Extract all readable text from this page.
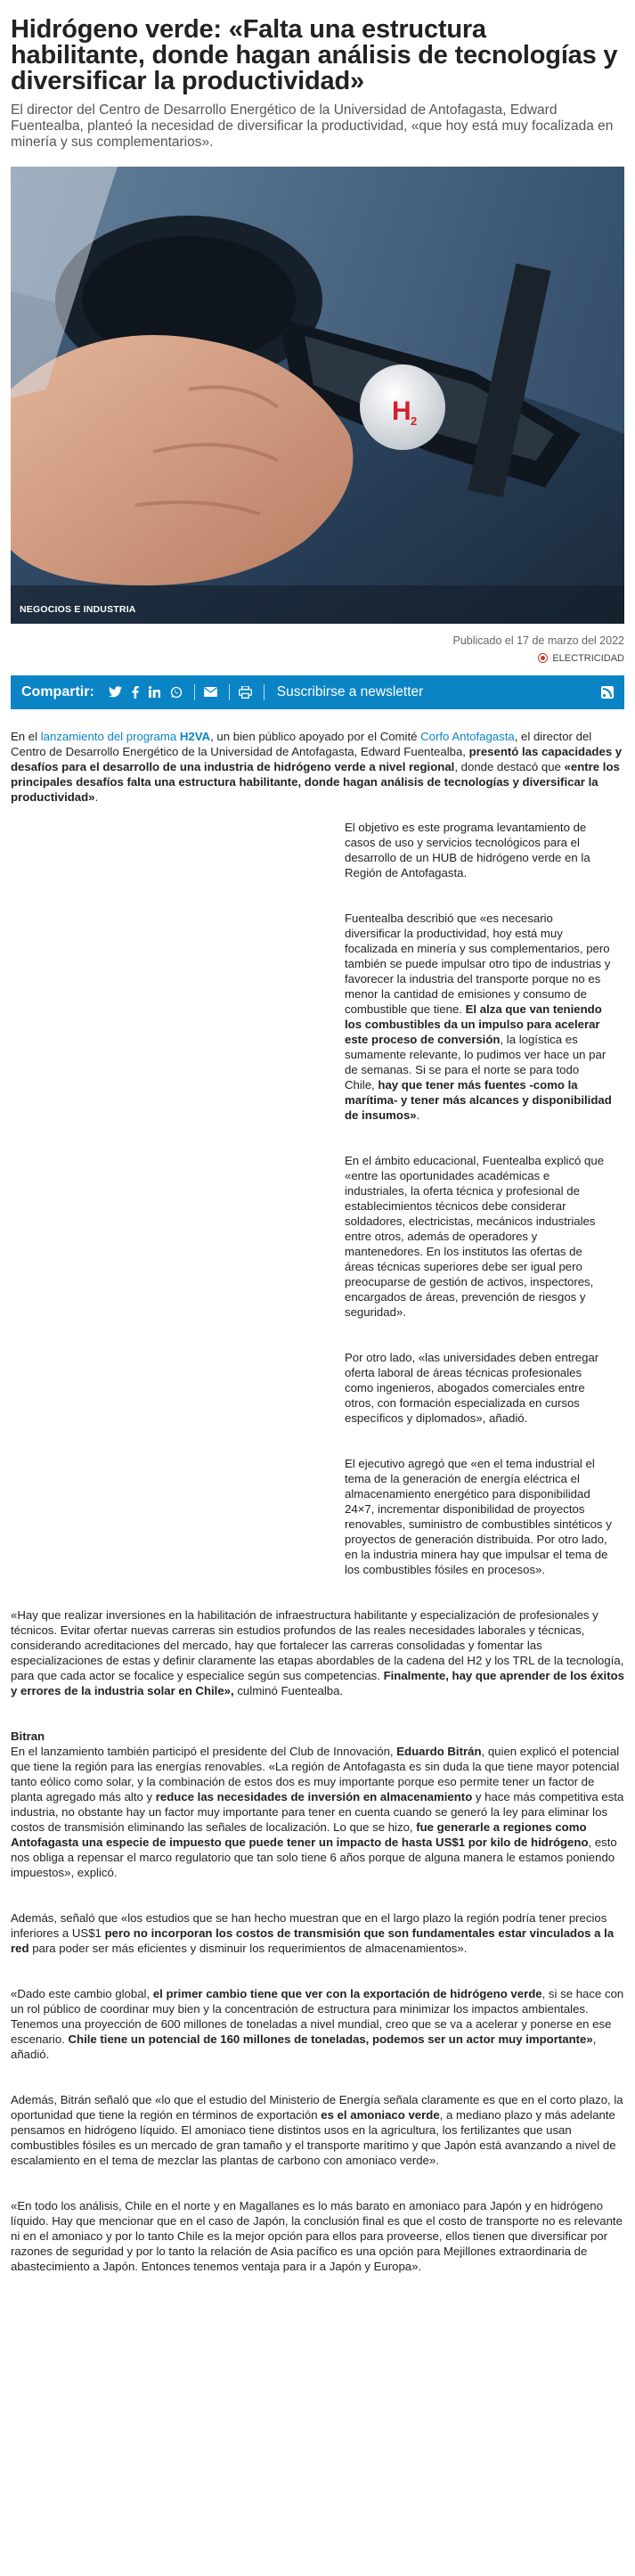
Hidrógeno verde: «Falta una estructura habilitante, donde hagan análisis de tecnologías y diversificar la productividad»

El director del Centro de Desarrollo Energético de la Universidad de Antofagasta, Edward Fuentealba, planteó la necesidad de diversificar la productividad, «que hoy está muy focalizada en minería y sus complementarios».

H 2
NEGOCIOS E INDUSTRIA
Publicado el 17 de marzo del 2022
ELECTRICIDAD
Compartir:	Suscribirse a newsletter

En el lanzamiento del programa H2VA, un bien público apoyado por el Comité Corfo Antofagasta, el director del Centro de Desarrollo Energético de la Universidad de Antofagasta, Edward Fuentealba, presentó las capacidades y desafíos para el desarrollo de una industria de hidrógeno verde a nivel regional, donde destacó que «entre los principales desafíos falta una estructura habilitante, donde hagan análisis de tecnologías y diversificar la productividad».

El objetivo es este programa levantamiento de casos de uso y servicios tecnológicos para el desarrollo de un HUB de hidrógeno verde en la Región de Antofagasta.

Fuentealba describió que «es necesario diversificar la productividad, hoy está muy focalizada en minería y sus complementarios, pero también se puede impulsar otro tipo de industrias y favorecer la industria del transporte porque no es menor la cantidad de emisiones y consumo de combustible que tiene. El alza que van teniendo los combustibles da un impulso para acelerar este proceso de conversión, la logística es sumamente relevante, lo pudimos ver hace un par de semanas. Si se para el norte se para todo Chile, hay que tener más fuentes -como la marítima- y tener más alcances y disponibilidad de insumos».

En el ámbito educacional, Fuentealba explicó que «entre las oportunidades académicas e industriales, la oferta técnica y profesional de establecimientos técnicos debe considerar soldadores, electricistas, mecánicos industriales entre otros, además de operadores y mantenedores. En los institutos las ofertas de áreas técnicas superiores debe ser igual pero preocuparse de gestión de activos, inspectores, encargados de áreas, prevención de riesgos y seguridad».

Por otro lado, «las universidades deben entregar oferta laboral de áreas técnicas profesionales como ingenieros, abogados comerciales entre otros, con formación especializada en cursos específicos y diplomados», añadió.

El ejecutivo agregó que «en el tema industrial el tema de la generación de energía eléctrica el almacenamiento energético para disponibilidad 24×7, incrementar disponibilidad de proyectos renovables, suministro de combustibles sintéticos y proyectos de generación distribuida. Por otro lado, en la industria minera hay que impulsar el tema de los combustibles fósiles en procesos».

«Hay que realizar inversiones en la habilitación de infraestructura habilitante y especialización de profesionales y técnicos. Evitar ofertar nuevas carreras sin estudios profundos de las reales necesidades laborales y técnicas, considerando acreditaciones del mercado, hay que fortalecer las carreras consolidadas y fomentar las especializaciones de estas y definir claramente las etapas abordables de la cadena del H2 y los TRL de la tecnología, para que cada actor se focalice y especialice según sus competencias. Finalmente, hay que aprender de los éxitos y errores de la industria solar en Chile», culminó Fuentealba.

Bitran

En el lanzamiento también participó el presidente del Club de Innovación, Eduardo Bitrán, quien explicó el potencial que tiene la región para las energías renovables. «La región de Antofagasta es sin duda la que tiene mayor potencial tanto eólico como solar, y la combinación de estos dos es muy importante porque eso permite tener un factor de planta agregado más alto y reduce las necesidades de inversión en almacenamiento y hace más competitiva esta industria, no obstante hay un factor muy importante para tener en cuenta cuando se generó la ley para eliminar los costos de transmisión eliminando las señales de localización. Lo que se hizo, fue generarle a regiones como Antofagasta una especie de impuesto que puede tener un impacto de hasta US$1 por kilo de hidrógeno, esto nos obliga a repensar el marco regulatorio que tan solo tiene 6 años porque de alguna manera le estamos poniendo impuestos», explicó.

Además, señaló que «los estudios que se han hecho muestran que en el largo plazo la región podría tener precios inferiores a US$1 pero no incorporan los costos de transmisión que son fundamentales estar vinculados a la red para poder ser más eficientes y disminuir los requerimientos de almacenamientos».

«Dado este cambio global, el primer cambio tiene que ver con la exportación de hidrógeno verde, si se hace con un rol público de coordinar muy bien y la concentración de estructura para minimizar los impactos ambientales. Tenemos una proyección de 600 millones de toneladas a nivel mundial, creo que se va a acelerar y ponerse en ese escenario. Chile tiene un potencial de 160 millones de toneladas, podemos ser un actor muy importante», añadió.

Además, Bitrán señaló que «lo que el estudio del Ministerio de Energía señala claramente es que en el corto plazo, la oportunidad que tiene la región en términos de exportación es el amoniaco verde, a mediano plazo y más adelante pensamos en hidrógeno líquido. El amoniaco tiene distintos usos en la agricultura, los fertilizantes que usan combustibles fósiles es un mercado de gran tamaño y el transporte marítimo y que Japón está avanzando a nivel de escalamiento en el tema de mezclar las plantas de carbono con amoniaco verde».

«En todo los análisis, Chile en el norte y en Magallanes es lo más barato en amoniaco para Japón y en hidrógeno líquido. Hay que mencionar que en el caso de Japón, la conclusión final es que el costo de transporte no es relevante ni en el amoniaco y por lo tanto Chile es la mejor opción para ellos para proveerse, ellos tienen que diversificar por razones de seguridad y por lo tanto la relación de Asia pacífico es una opción para Mejillones extraordinaria de abastecimiento a Japón. Entonces tenemos ventaja para ir a Japón y Europa».
